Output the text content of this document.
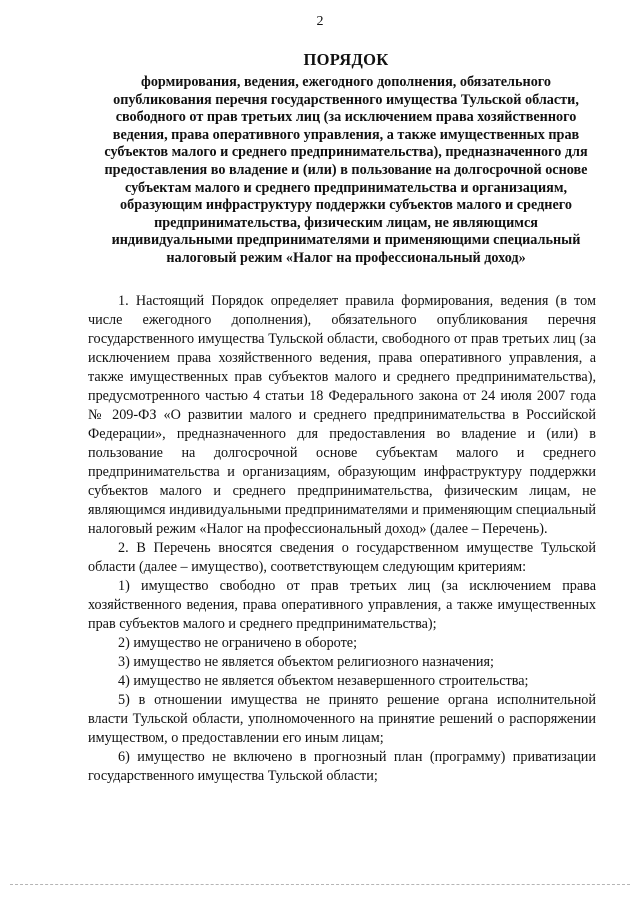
2
ПОРЯДОК
формирования, ведения, ежегодного дополнения, обязательного опубликования перечня государственного имущества Тульской области, свободного от прав третьих лиц (за исключением права хозяйственного ведения, права оперативного управления, а также имущественных прав субъектов малого и среднего предпринимательства), предназначенного для предоставления во владение и (или) в пользование на долгосрочной основе субъектам малого и среднего предпринимательства и организациям, образующим инфраструктуру поддержки субъектов малого и среднего предпринимательства, физическим лицам, не являющимся индивидуальными предпринимателями и применяющими специальный налоговый режим «Налог на профессиональный доход»

1. Настоящий Порядок определяет правила формирования, ведения (в том числе ежегодного дополнения), обязательного опубликования перечня государственного имущества Тульской области, свободного от прав третьих лиц (за исключением права хозяйственного ведения, права оперативного управления, а также имущественных прав субъектов малого и среднего предпринимательства), предусмотренного частью 4 статьи 18 Федерального закона от 24 июля 2007 года № 209-ФЗ «О развитии малого и среднего предпринимательства в Российской Федерации», предназначенного для предоставления во владение и (или) в пользование на долгосрочной основе субъектам малого и среднего предпринимательства и организациям, образующим инфраструктуру поддержки субъектов малого и среднего предпринимательства, физическим лицам, не являющимся индивидуальными предпринимателями и применяющим специальный налоговый режим «Налог на профессиональный доход» (далее – Перечень).

2. В Перечень вносятся сведения о государственном имуществе Тульской области (далее – имущество), соответствующем следующим критериям:

1) имущество свободно от прав третьих лиц (за исключением права хозяйственного ведения, права оперативного управления, а также имущественных прав субъектов малого и среднего предпринимательства);

2) имущество не ограничено в обороте;

3) имущество не является объектом религиозного назначения;

4) имущество не является объектом незавершенного строительства;

5) в отношении имущества не принято решение органа исполнительной власти Тульской области, уполномоченного на принятие решений о распоряжении имуществом, о предоставлении его иным лицам;

6) имущество не включено в прогнозный план (программу) приватизации государственного имущества Тульской области;
